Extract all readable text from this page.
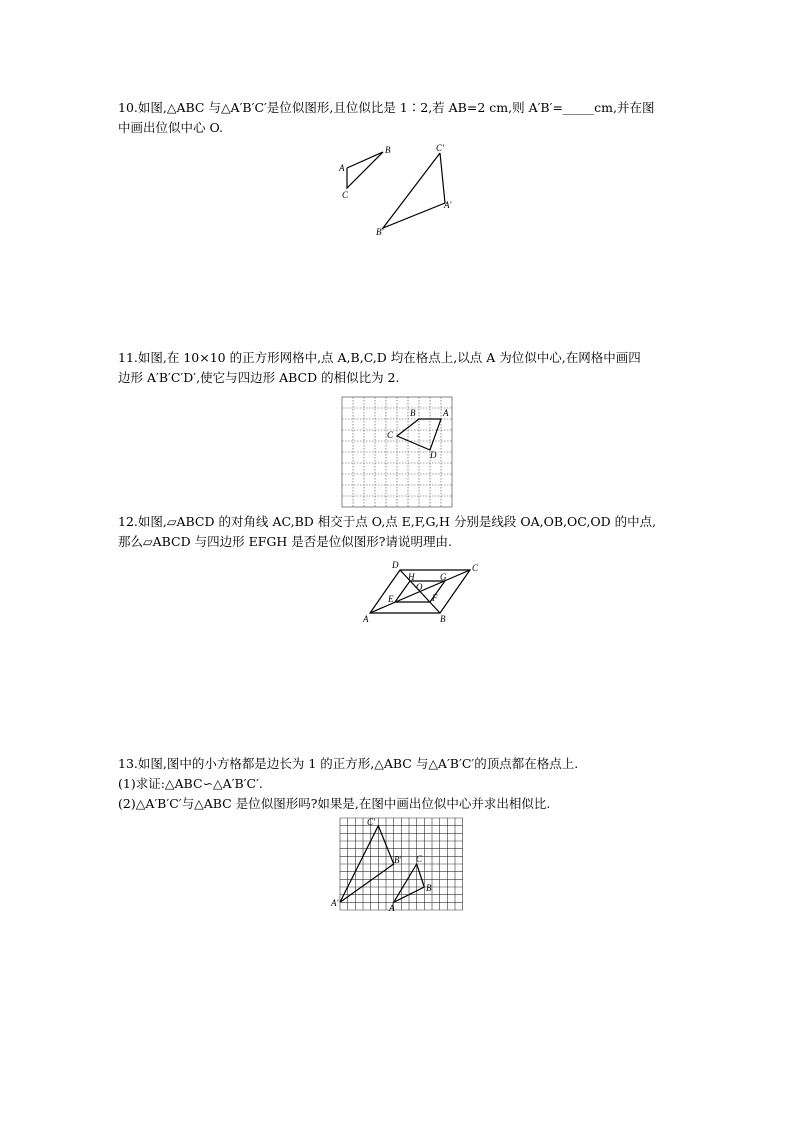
10.如图,△ABC 与△A′B′C′是位似图形,且位似比是 1∶2,若 AB=2 cm,则 A′B′=_____cm,并在图
中画出位似中心 O.
A
B
C
A′
B′
C′
11.如图,在 10×10 的正方形网格中,点 A,B,C,D 均在格点上,以点 A 为位似中心,在网格中画四
边形 A′B′C′D′,使它与四边形 ABCD 的相似比为 2.
A
B
C
D
12.如图,▱ABCD 的对角线 AC,BD 相交于点 O,点 E,F,G,H 分别是线段 OA,OB,OC,OD 的中点,
那么▱ABCD 与四边形 EFGH 是否是位似图形?请说明理由.
A	B
C
D
O
E	F
G
H
13.如图,图中的小方格都是边长为 1 的正方形,△ABC 与△A′B′C′的顶点都在格点上.
(1)求证:△ABC∽△A′B′C′.
(2)△A′B′C′与△ABC 是位似图形吗?如果是,在图中画出位似中心并求出相似比.
A′
B′
C′
A
B
C
